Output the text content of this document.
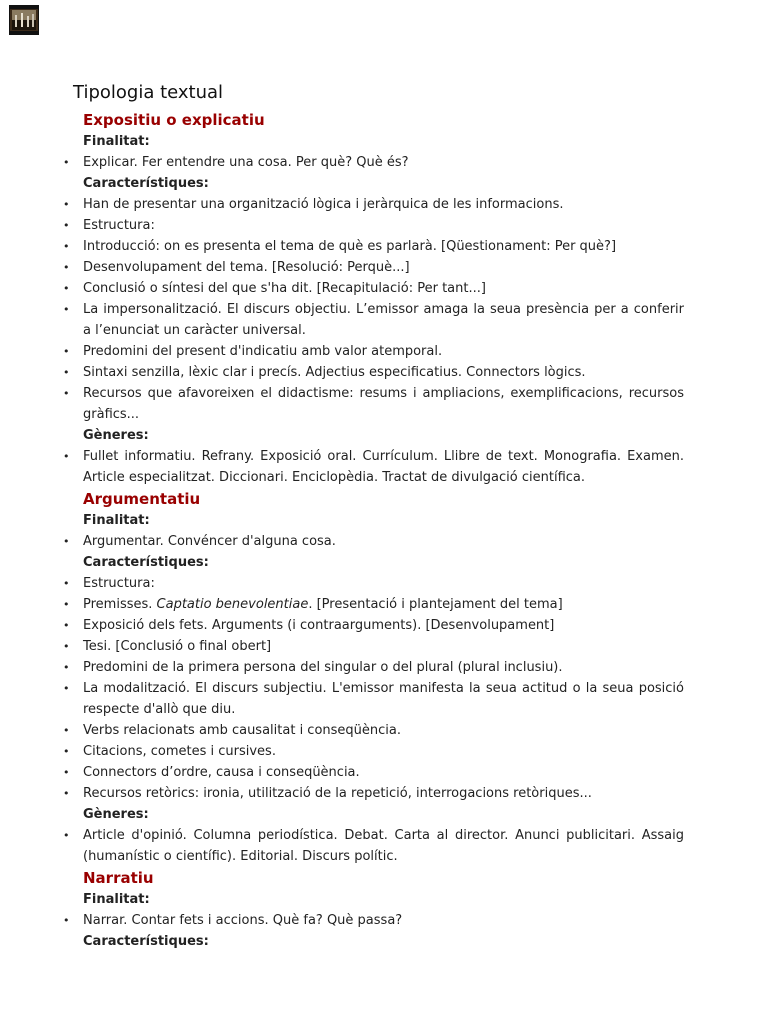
Tipologia textual
Expositiu o explicatiu
Finalitat:
• Explicar. Fer entendre una cosa. Per què? Què és?
Característiques:
• Han de presentar una organització lògica i jeràrquica de les informacions.
• Estructura:
• Introducció: on es presenta el tema de què es parlarà. [Qüestionament: Per què?]
• Desenvolupament del tema. [Resolució: Perquè...]
• Conclusió o síntesi del que s'ha dit. [Recapitulació: Per tant...]
• La impersonalització. El discurs objectiu. L’emissor amaga la seua presència per a conferir a l’enunciat un caràcter universal.
• Predomini del present d'indicatiu amb valor atemporal.
• Sintaxi senzilla, lèxic clar i precís. Adjectius especificatius. Connectors lògics.
• Recursos que afavoreixen el didactisme: resums i ampliacions, exemplificacions, recursos gràfics...
Gèneres:
• Fullet informatiu. Refrany. Exposició oral. Currículum. Llibre de text. Monografia. Examen. Article especialitzat. Diccionari. Enciclopèdia. Tractat de divulgació científica.
Argumentatiu
Finalitat:
• Argumentar. Convéncer d'alguna cosa.
Característiques:
• Estructura:
• Premisses. Captatio benevolentiae. [Presentació i plantejament del tema]
• Exposició dels fets. Arguments (i contraarguments). [Desenvolupament]
• Tesi. [Conclusió o final obert]
• Predomini de la primera persona del singular o del plural (plural inclusiu).
• La modalització. El discurs subjectiu. L'emissor manifesta la seua actitud o la seua posició respecte d'allò que diu.
• Verbs relacionats amb causalitat i conseqüència.
• Citacions, cometes i cursives.
• Connectors d’ordre, causa i conseqüència.
• Recursos retòrics: ironia, utilització de la repetició, interrogacions retòriques...
Gèneres:
• Article d'opinió. Columna periodística. Debat. Carta al director. Anunci publicitari. Assaig (humanístic o científic). Editorial. Discurs polític.
Narratiu
Finalitat:
• Narrar. Contar fets i accions. Què fa? Què passa?
Característiques:
